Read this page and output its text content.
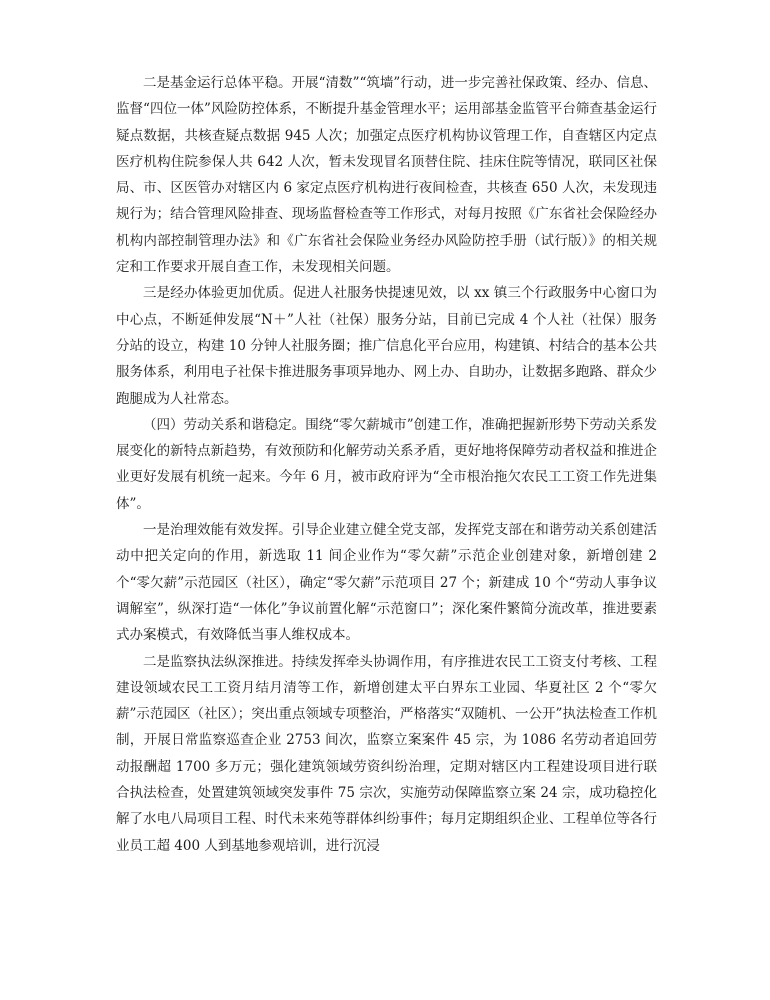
二是基金运行总体平稳。开展“清数”“筑墙”行动，进一步完善社保政策、经办、信息、监督“四位一体”风险防控体系，不断提升基金管理水平；运用部基金监管平台筛查基金运行疑点数据，共核查疑点数据 945 人次；加强定点医疗机构协议管理工作，自查辖区内定点医疗机构住院参保人共 642 人次，暂未发现冒名顶替住院、挂床住院等情况，联同区社保局、市、区医管办对辖区内 6 家定点医疗机构进行夜间检查，共核查 650 人次，未发现违规行为；结合管理风险排查、现场监督检查等工作形式，对每月按照《广东省社会保险经办机构内部控制管理办法》和《广东省社会保险业务经办风险防控手册（试行版）》的相关规定和工作要求开展自查工作，未发现相关问题。

三是经办体验更加优质。促进人社服务快提速见效，以 xx 镇三个行政服务中心窗口为中心点，不断延伸发展“N＋”人社（社保）服务分站，目前已完成 4 个人社（社保）服务分站的设立，构建 10 分钟人社服务圈；推广信息化平台应用，构建镇、村结合的基本公共服务体系，利用电子社保卡推进服务事项异地办、网上办、自助办，让数据多跑路、群众少跑腿成为人社常态。

（四）劳动关系和谐稳定。围绕“零欠薪城市”创建工作，准确把握新形势下劳动关系发展变化的新特点新趋势，有效预防和化解劳动关系矛盾，更好地将保障劳动者权益和推进企业更好发展有机统一起来。今年 6 月，被市政府评为“全市根治拖欠农民工工资工作先进集体”。

一是治理效能有效发挥。引导企业建立健全党支部，发挥党支部在和谐劳动关系创建活动中把关定向的作用，新选取 11 间企业作为“零欠薪”示范企业创建对象，新增创建 2 个“零欠薪”示范园区（社区），确定“零欠薪”示范项目 27 个；新建成 10 个“劳动人事争议调解室”，纵深打造“一体化”争议前置化解“示范窗口”；深化案件繁简分流改革，推进要素式办案模式，有效降低当事人维权成本。

二是监察执法纵深推进。持续发挥牵头协调作用，有序推进农民工工资支付考核、工程建设领域农民工工资月结月清等工作，新增创建太平白界东工业园、华夏社区 2 个“零欠薪”示范园区（社区）；突出重点领域专项整治，严格落实“双随机、一公开”执法检查工作机制，开展日常监察巡查企业 2753 间次，监察立案案件 45 宗，为 1086 名劳动者追回劳动报酬超 1700 多万元；强化建筑领域劳资纠纷治理，定期对辖区内工程建设项目进行联合执法检查，处置建筑领域突发事件 75 宗次，实施劳动保障监察立案 24 宗，成功稳控化解了水电八局项目工程、时代未来苑等群体纠纷事件；每月定期组织企业、工程单位等各行业员工超 400 人到基地参观培训，进行沉浸
